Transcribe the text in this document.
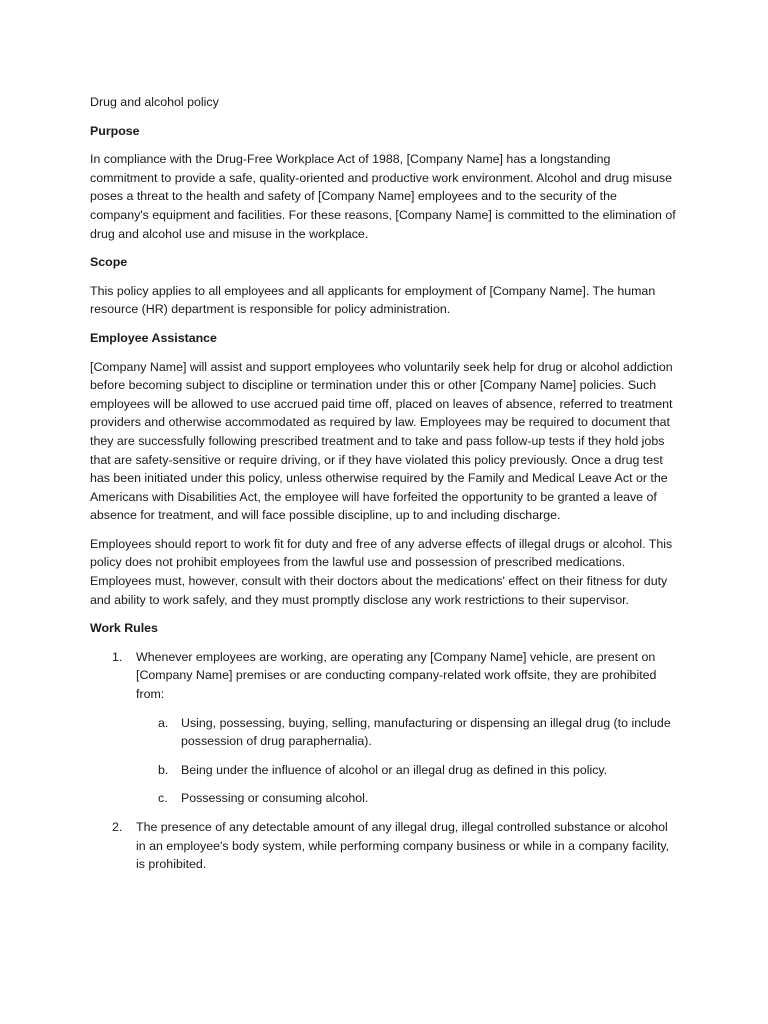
Drug and alcohol policy
Purpose
In compliance with the Drug-Free Workplace Act of 1988, [Company Name] has a longstanding commitment to provide a safe, quality-oriented and productive work environment. Alcohol and drug misuse poses a threat to the health and safety of [Company Name] employees and to the security of the company's equipment and facilities. For these reasons, [Company Name] is committed to the elimination of drug and alcohol use and misuse in the workplace.
Scope
This policy applies to all employees and all applicants for employment of [Company Name]. The human resource (HR) department is responsible for policy administration.
Employee Assistance
[Company Name] will assist and support employees who voluntarily seek help for drug or alcohol addiction before becoming subject to discipline or termination under this or other [Company Name] policies. Such employees will be allowed to use accrued paid time off, placed on leaves of absence, referred to treatment providers and otherwise accommodated as required by law. Employees may be required to document that they are successfully following prescribed treatment and to take and pass follow-up tests if they hold jobs that are safety-sensitive or require driving, or if they have violated this policy previously. Once a drug test has been initiated under this policy, unless otherwise required by the Family and Medical Leave Act or the Americans with Disabilities Act, the employee will have forfeited the opportunity to be granted a leave of absence for treatment, and will face possible discipline, up to and including discharge.
Employees should report to work fit for duty and free of any adverse effects of illegal drugs or alcohol. This policy does not prohibit employees from the lawful use and possession of prescribed medications. Employees must, however, consult with their doctors about the medications' effect on their fitness for duty and ability to work safely, and they must promptly disclose any work restrictions to their supervisor.
Work Rules
1. Whenever employees are working, are operating any [Company Name] vehicle, are present on [Company Name] premises or are conducting company-related work offsite, they are prohibited from:
a. Using, possessing, buying, selling, manufacturing or dispensing an illegal drug (to include possession of drug paraphernalia).
b. Being under the influence of alcohol or an illegal drug as defined in this policy.
c. Possessing or consuming alcohol.
2. The presence of any detectable amount of any illegal drug, illegal controlled substance or alcohol in an employee's body system, while performing company business or while in a company facility, is prohibited.
